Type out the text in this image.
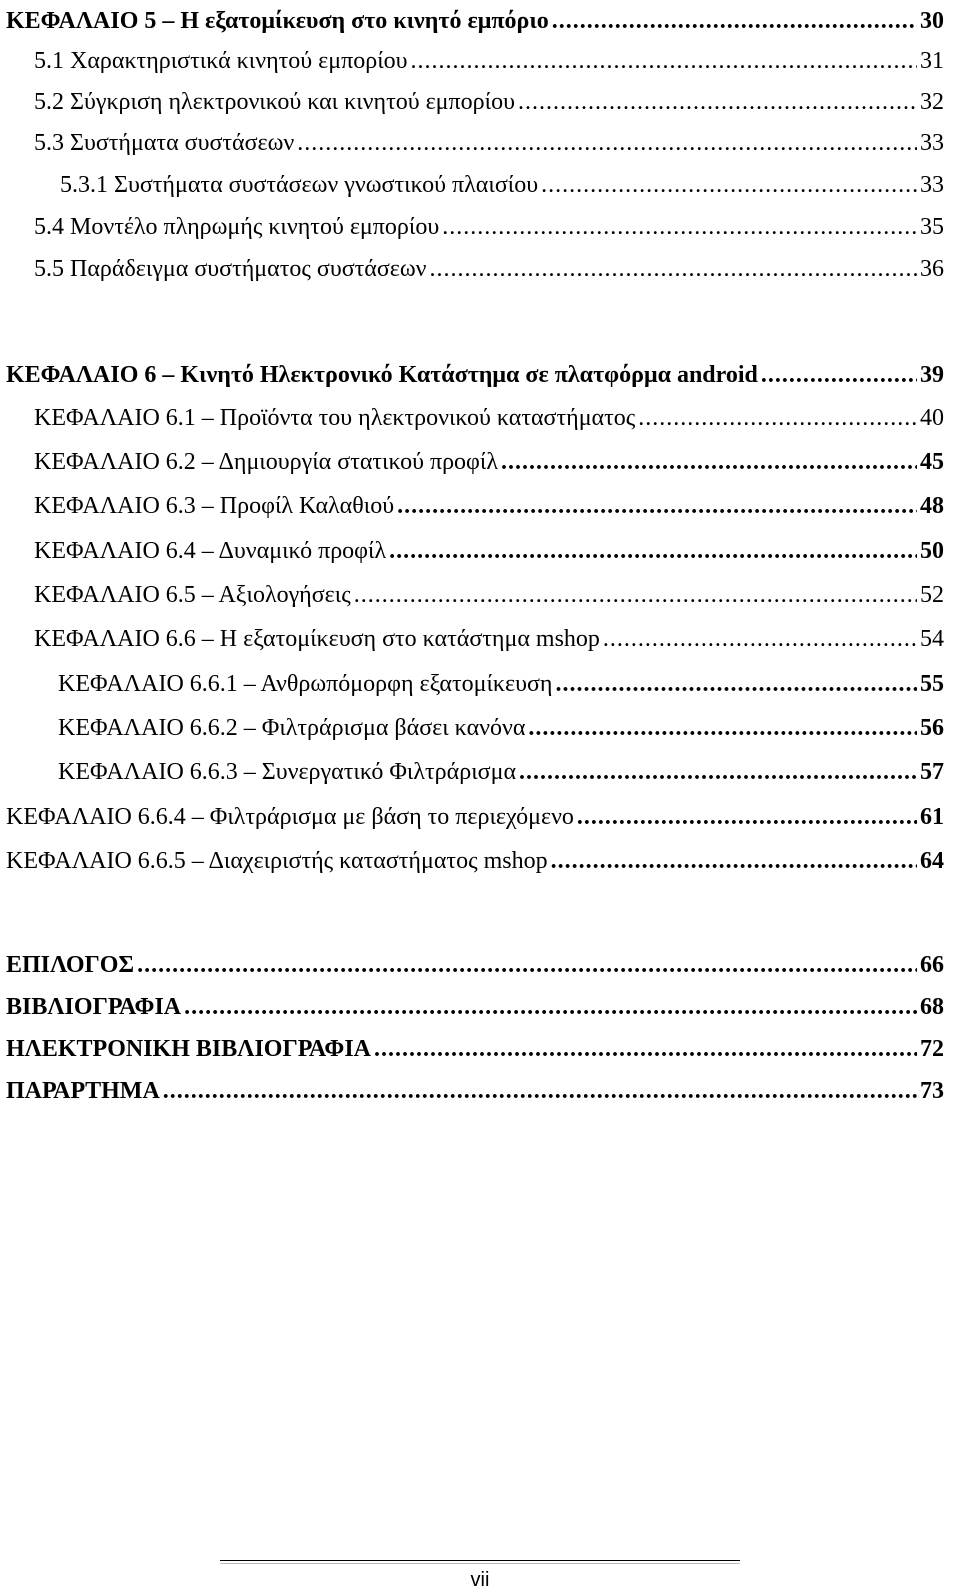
ΚΕΦΑΛΑΙΟ 5 – Η εξατομίκευση στο κινητό εμπόριο .....	30
5.1 Χαρακτηριστικά κινητού εμπορίου .....	31
5.2 Σύγκριση ηλεκτρονικού και κινητού εμπορίου .....	32
5.3 Συστήματα συστάσεων .....	33
5.3.1 Συστήματα συστάσεων γνωστικού πλαισίου .....	33
5.4 Μοντέλο πληρωμής κινητού εμπορίου .....	35
5.5 Παράδειγμα συστήματος συστάσεων .....	36
ΚΕΦΑΛΑΙΟ 6 – Κινητό Ηλεκτρονικό Κατάστημα σε πλατφόρμα android .....	39
ΚΕΦΑΛΑΙΟ 6.1 – Προϊόντα του ηλεκτρονικού καταστήματος .....	40
ΚΕΦΑΛΑΙΟ 6.2 – Δημιουργία στατικού προφίλ .....	45
ΚΕΦΑΛΑΙΟ 6.3 – Προφίλ Καλαθιού .....	48
ΚΕΦΑΛΑΙΟ 6.4 – Δυναμικό προφίλ .....	50
ΚΕΦΑΛΑΙΟ 6.5 – Αξιολογήσεις .....	52
ΚΕΦΑΛΑΙΟ 6.6 – Η εξατομίκευση στο κατάστημα mshop .....	54
ΚΕΦΑΛΑΙΟ 6.6.1 – Ανθρωπόμορφη εξατομίκευση .....	55
ΚΕΦΑΛΑΙΟ 6.6.2 – Φιλτράρισμα βάσει κανόνα .....	56
ΚΕΦΑΛΑΙΟ 6.6.3 – Συνεργατικό Φιλτράρισμα .....	57
ΚΕΦΑΛΑΙΟ 6.6.4 – Φιλτράρισμα με βάση το περιεχόμενο .....	61
ΚΕΦΑΛΑΙΟ 6.6.5 – Διαχειριστής καταστήματος mshop .....	64
ΕΠΙΛΟΓΟΣ .....	66
ΒΙΒΛΙΟΓΡΑΦΙΑ .....	68
ΗΛΕΚΤΡΟΝΙΚΗ ΒΙΒΛΙΟΓΡΑΦΙΑ .....	72
ΠΑΡΑΡΤΗΜΑ .....	73
vii
